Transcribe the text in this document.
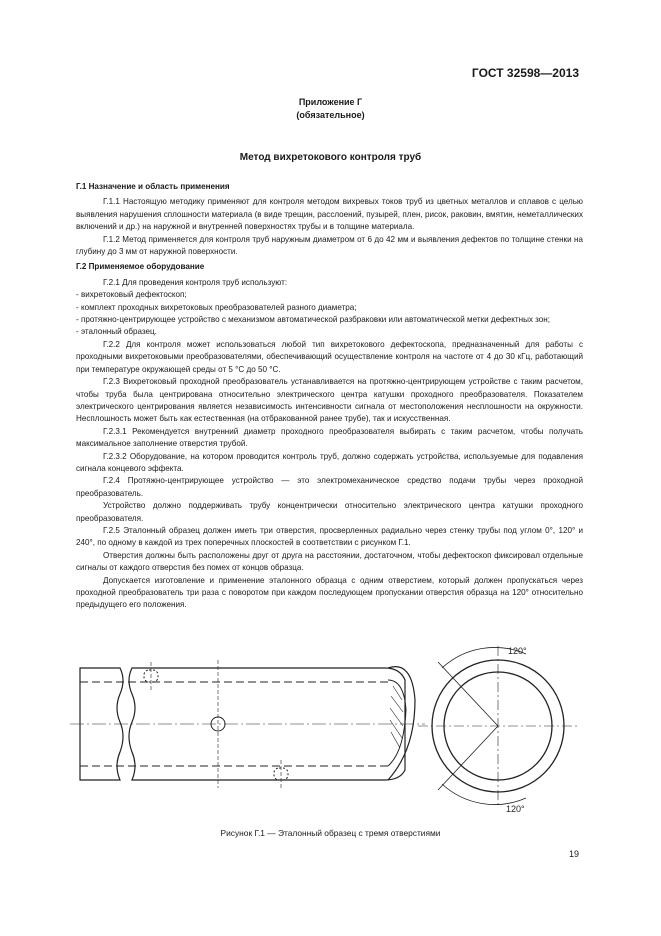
ГОСТ 32598—2013
Приложение Г
(обязательное)
Метод вихретокового контроля труб
Г.1 Назначение и область применения

Г.1.1 Настоящую методику применяют для контроля методом вихревых токов труб из цветных металлов и сплавов с целью выявления нарушения сплошности материала (в виде трещин, расслоений, пузырей, плен, рисок, раковин, вмятин, неметаллических включений и др.) на наружной и внутренней поверхностях трубы и в толщине материала.

Г.1.2 Метод применяется для контроля труб наружным диаметром от 6 до 42 мм и выявления дефектов по толщине стенки на глубину до 3 мм от наружной поверхности.

Г.2 Применяемое оборудование

Г.2.1 Для проведения контроля труб используют:

- вихретоковый дефектоскоп;

- комплект проходных вихретоковых преобразователей разного диаметра;

- протяжно-центрирующее устройство с механизмом автоматической разбраковки или автоматической метки дефектных зон;

- эталонный образец.

Г.2.2 Для контроля может использоваться любой тип вихретокового дефектоскопа, предназначенный для работы с проходными вихретоковыми преобразователями, обеспечивающий осуществление контроля на частоте от 4 до 30 кГц, работающий при температуре окружающей среды от 5 °С до 50 °С.

Г.2.3 Вихретоковый проходной преобразователь устанавливается на протяжно-центрирующем устройстве с таким расчетом, чтобы труба была центрирована относительно электрического центра катушки проходного преобразователя. Показателем электрического центрирования является независимость интенсивности сигнала от местоположения несплошности на окружности. Несплошность может быть как естественная (на отбракованной ранее трубе), так и искусственная.

Г.2.3.1 Рекомендуется внутренний диаметр проходного преобразователя выбирать с таким расчетом, чтобы получать максимальное заполнение отверстия трубой.

Г.2.3.2 Оборудование, на котором проводится контроль труб, должно содержать устройства, используемые для подавления сигнала концевого эффекта.

Г.2.4 Протяжно-центрирующее устройство — это электромеханическое средство подачи трубы через проходной преобразователь.

Устройство должно поддерживать трубу концентрически относительно электрического центра катушки проходного преобразователя.

Г.2.5 Эталонный образец должен иметь три отверстия, просверленных радиально через стенку трубы под углом 0°, 120° и 240°, по одному в каждой из трех поперечных плоскостей в соответствии с рисунком Г.1.

Отверстия должны быть расположены друг от друга на расстоянии, достаточном, чтобы дефектоскоп фиксировал отдельные сигналы от каждого отверстия без помех от концов образца.

Допускается изготовление и применение эталонного образца с одним отверстием, который должен пропускаться через проходной преобразователь три раза с поворотом при каждом последующем пропускании отверстия образца на 120° относительно предыдущего его положения.

120°
120°
Рисунок Г.1 — Эталонный образец с тремя отверстиями
19
